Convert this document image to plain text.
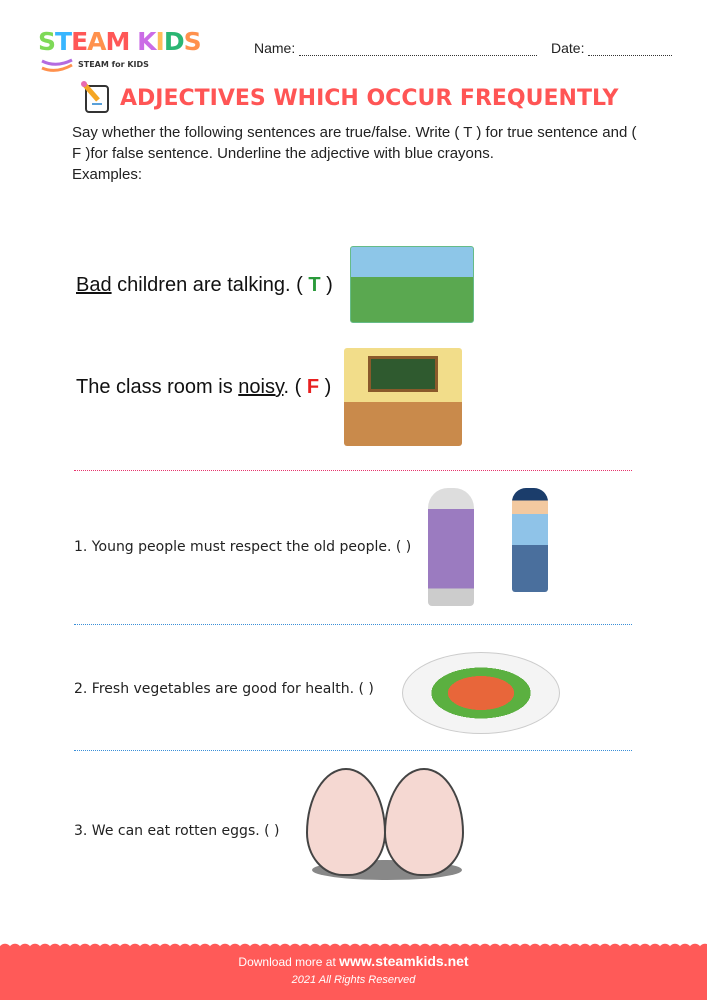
STEAM KIDS
STEAM for KIDS
Name:	Date:
ADJECTIVES WHICH OCCUR FREQUENTLY
Say whether the following sentences are true/false. Write ( T ) for true sentence and ( F )for false sentence. Underline the adjective with blue crayons.
Examples:
Bad children are talking. ( T )
The class room is noisy. ( F )
1. Young people must respect the old people. ( )
2. Fresh vegetables are good for health. ( )
3. We can eat rotten eggs. ( )
Download more at www.steamkids.net
2021 All Rights Reserved
